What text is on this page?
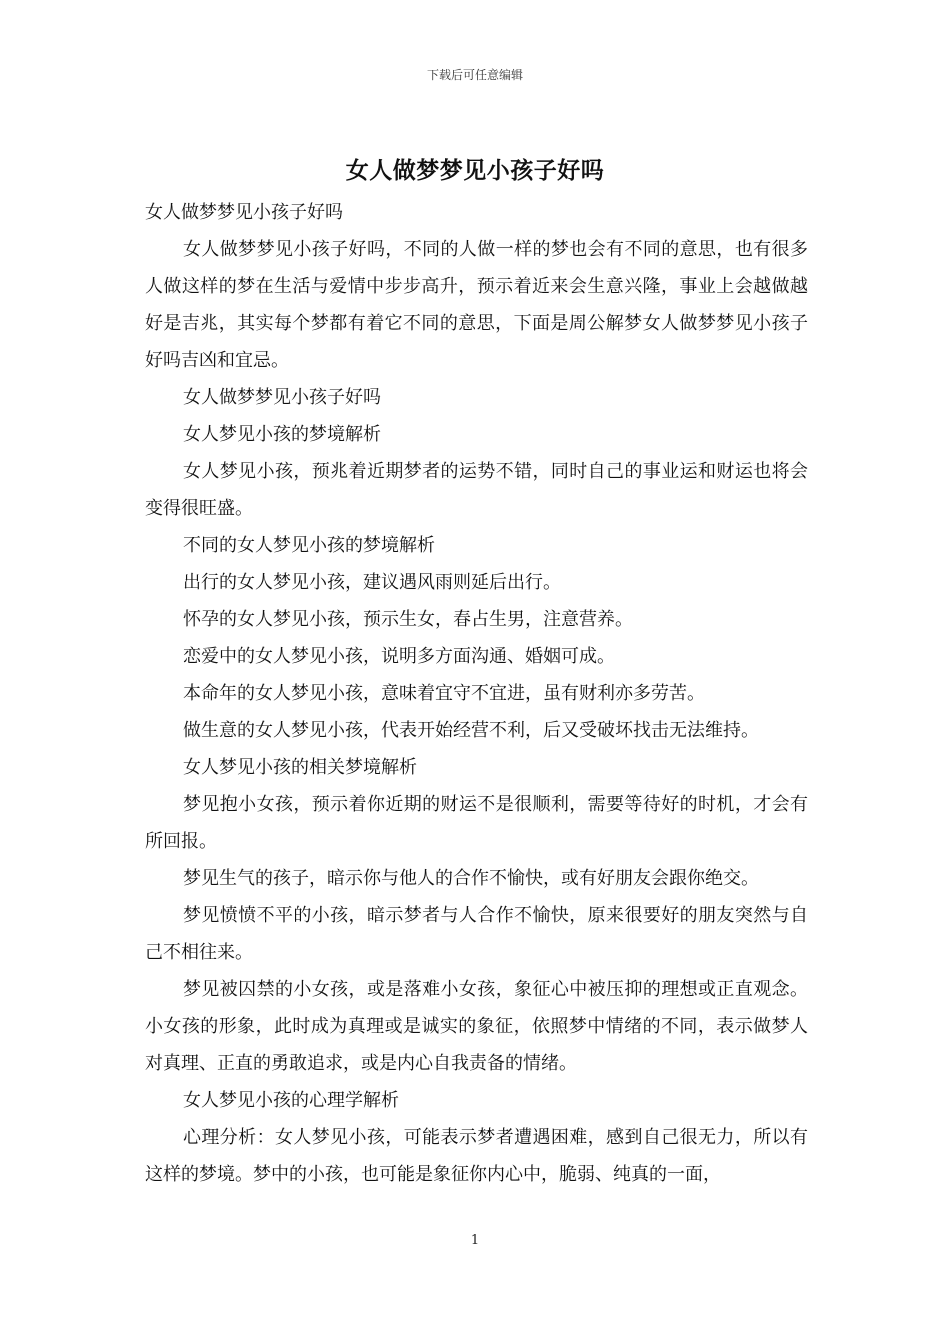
下载后可任意编辑
女人做梦梦见小孩子好吗

女人做梦梦见小孩子好吗

女人做梦梦见小孩子好吗，不同的人做一样的梦也会有不同的意思，也有很多人做这样的梦在生活与爱情中步步高升，预示着近来会生意兴隆，事业上会越做越好是吉兆，其实每个梦都有着它不同的意思，下面是周公解梦女人做梦梦见小孩子好吗吉凶和宜忌。

女人做梦梦见小孩子好吗

女人梦见小孩的梦境解析

女人梦见小孩，预兆着近期梦者的运势不错，同时自己的事业运和财运也将会变得很旺盛。

不同的女人梦见小孩的梦境解析

出行的女人梦见小孩，建议遇风雨则延后出行。

怀孕的女人梦见小孩，预示生女，春占生男，注意营养。

恋爱中的女人梦见小孩，说明多方面沟通、婚姻可成。

本命年的女人梦见小孩，意味着宜守不宜进，虽有财利亦多劳苦。

做生意的女人梦见小孩，代表开始经营不利，后又受破坏找击无法维持。

女人梦见小孩的相关梦境解析

梦见抱小女孩，预示着你近期的财运不是很顺利，需要等待好的时机，才会有所回报。

梦见生气的孩子，暗示你与他人的合作不愉快，或有好朋友会跟你绝交。

梦见愤愤不平的小孩，暗示梦者与人合作不愉快，原来很要好的朋友突然与自己不相往来。

梦见被囚禁的小女孩，或是落难小女孩，象征心中被压抑的理想或正直观念。小女孩的形象，此时成为真理或是诚实的象征，依照梦中情绪的不同，表示做梦人对真理、正直的勇敢追求，或是内心自我责备的情绪。

女人梦见小孩的心理学解析

心理分析：女人梦见小孩，可能表示梦者遭遇困难，感到自己很无力，所以有这样的梦境。梦中的小孩，也可能是象征你内心中，脆弱、纯真的一面，

1
